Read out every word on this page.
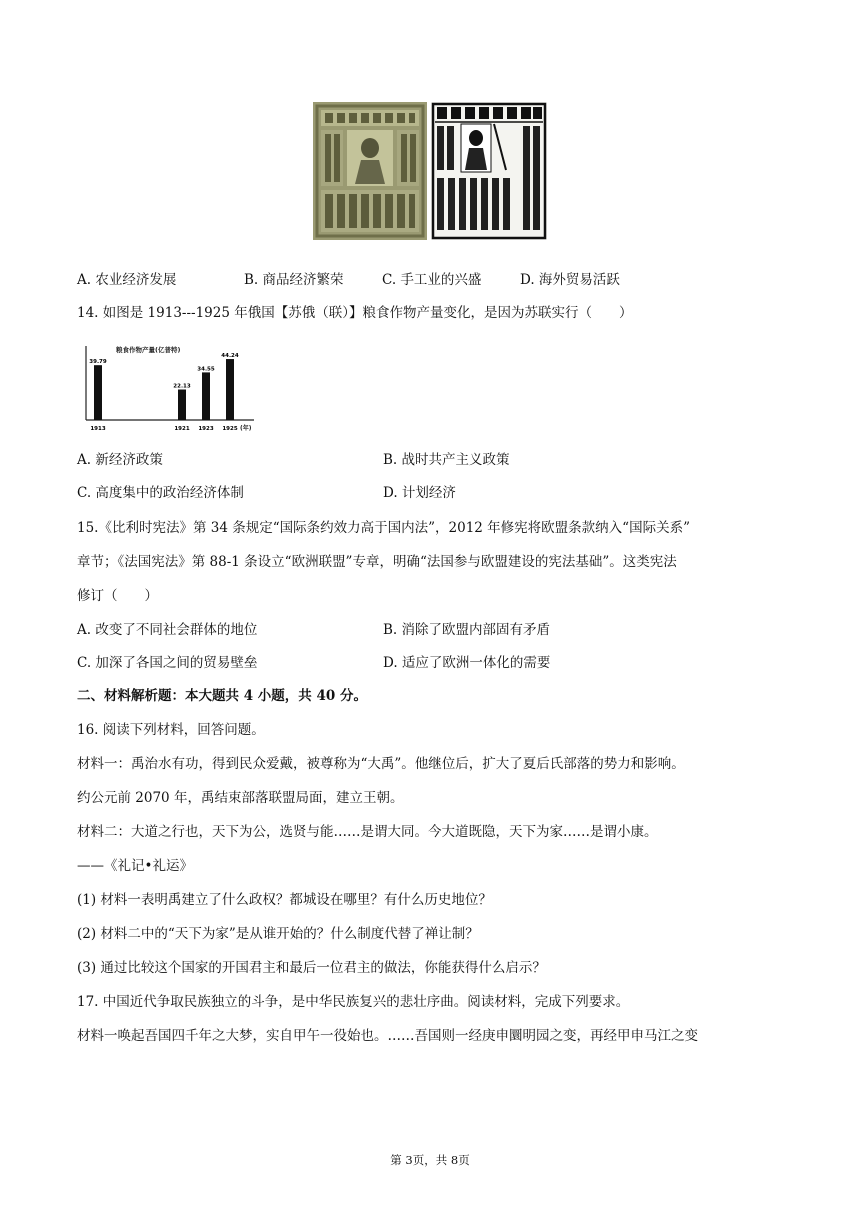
A. 农业经济发展	B. 商品经济繁荣	C. 手工业的兴盛	D. 海外贸易活跃
14. 如图是 1913---1925 年俄国【苏俄（联）】粮食作物产量变化，是因为苏联实行（　　）
粮食作物产量(亿普特)
(年)
39.79
1913
22.13
1921
34.55
1923
44.24
1925
A. 新经济政策	B. 战时共产主义政策
C. 高度集中的政治经济体制	D. 计划经济
15.《比利时宪法》第 34 条规定“国际条约效力高于国内法”，2012 年修宪将欧盟条款纳入“国际关系”
章节；《法国宪法》第 88-1 条设立“欧洲联盟”专章，明确“法国参与欧盟建设的宪法基础”。这类宪法
修订（　　）
A. 改变了不同社会群体的地位	B. 消除了欧盟内部固有矛盾
C. 加深了各国之间的贸易壁垒	D. 适应了欧洲一体化的需要
二、材料解析题：本大题共 4 小题，共 40 分。
16. 阅读下列材料，回答问题。
材料一：禹治水有功，得到民众爱戴，被尊称为“大禹”。他继位后，扩大了夏后氏部落的势力和影响。
约公元前 2070 年，禹结束部落联盟局面，建立王朝。
材料二：大道之行也，天下为公，选贤与能……是谓大同。今大道既隐，天下为家……是谓小康。
——《礼记•礼运》
(1) 材料一表明禹建立了什么政权？都城设在哪里？有什么历史地位？
(2) 材料二中的“天下为家”是从谁开始的？什么制度代替了禅让制？
(3) 通过比较这个国家的开国君主和最后一位君主的做法，你能获得什么启示？
17. 中国近代争取民族独立的斗争，是中华民族复兴的悲壮序曲。阅读材料，完成下列要求。
材料一唤起吾国四千年之大梦，实自甲午一役始也。……吾国则一经庚申圜明园之变，再经甲申马江之变
第 3页，共 8页
